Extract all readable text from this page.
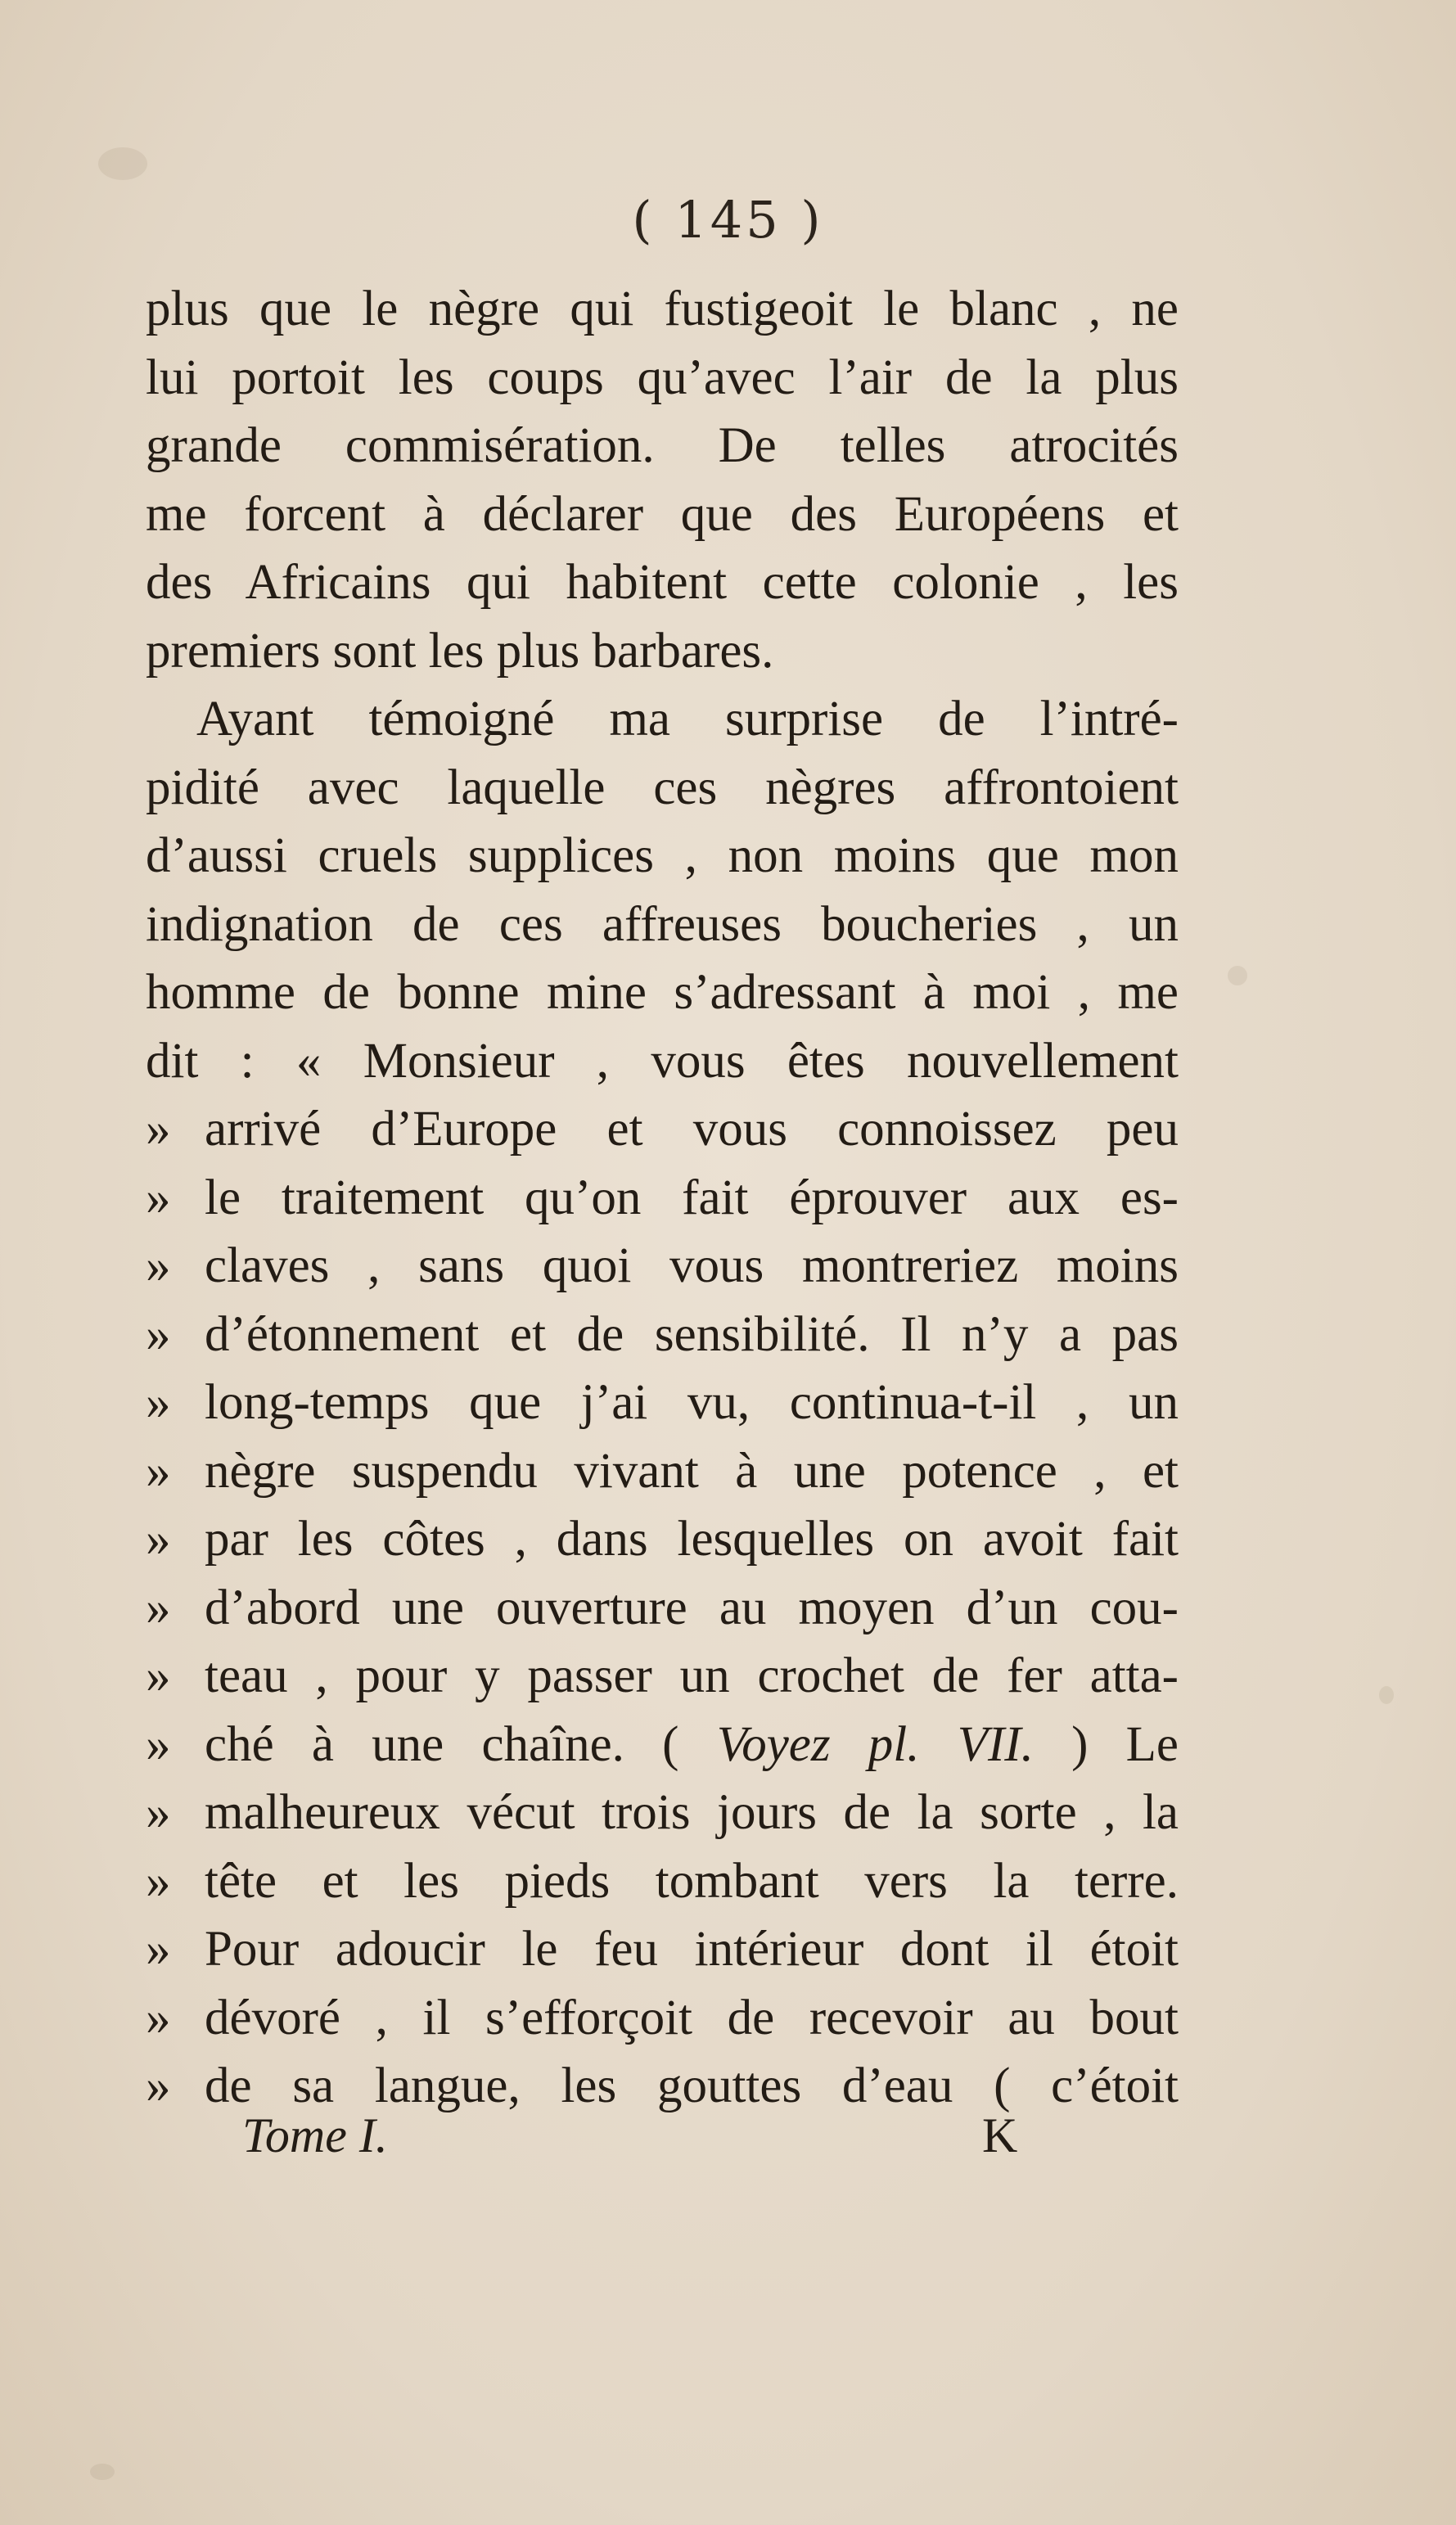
( 145 )
plus que le nègre qui fustigeoit le blanc , ne
lui portoit les coups qu’avec l’air de la plus
grande commisération. De telles atrocités
me forcent à déclarer que des Européens et
des Africains qui habitent cette colonie , les
premiers sont les plus barbares.
Ayant témoigné ma surprise de l’intré-
pidité avec laquelle ces nègres affrontoient
d’aussi cruels supplices , non moins que mon
indignation de ces affreuses boucheries , un
homme de bonne mine s’adressant à moi , me
dit : « Monsieur , vous êtes nouvellement
» arrivé d’Europe et vous connoissez peu
» le traitement qu’on fait éprouver aux es-
» claves , sans quoi vous montreriez moins
» d’étonnement et de sensibilité. Il n’y a pas
» long-temps que j’ai vu, continua-t-il , un
» nègre suspendu vivant à une potence , et
» par les côtes , dans lesquelles on avoit fait
» d’abord une ouverture au moyen d’un cou-
» teau , pour y passer un crochet de fer atta-
» ché à une chaîne. ( Voyez pl. VII. ) Le
» malheureux vécut trois jours de la sorte , la
» tête et les pieds tombant vers la terre.
» Pour adoucir le feu intérieur dont il étoit
» dévoré , il s’efforçoit de recevoir au bout
» de sa langue, les gouttes d’eau ( c’étoit
Tome I.	K
